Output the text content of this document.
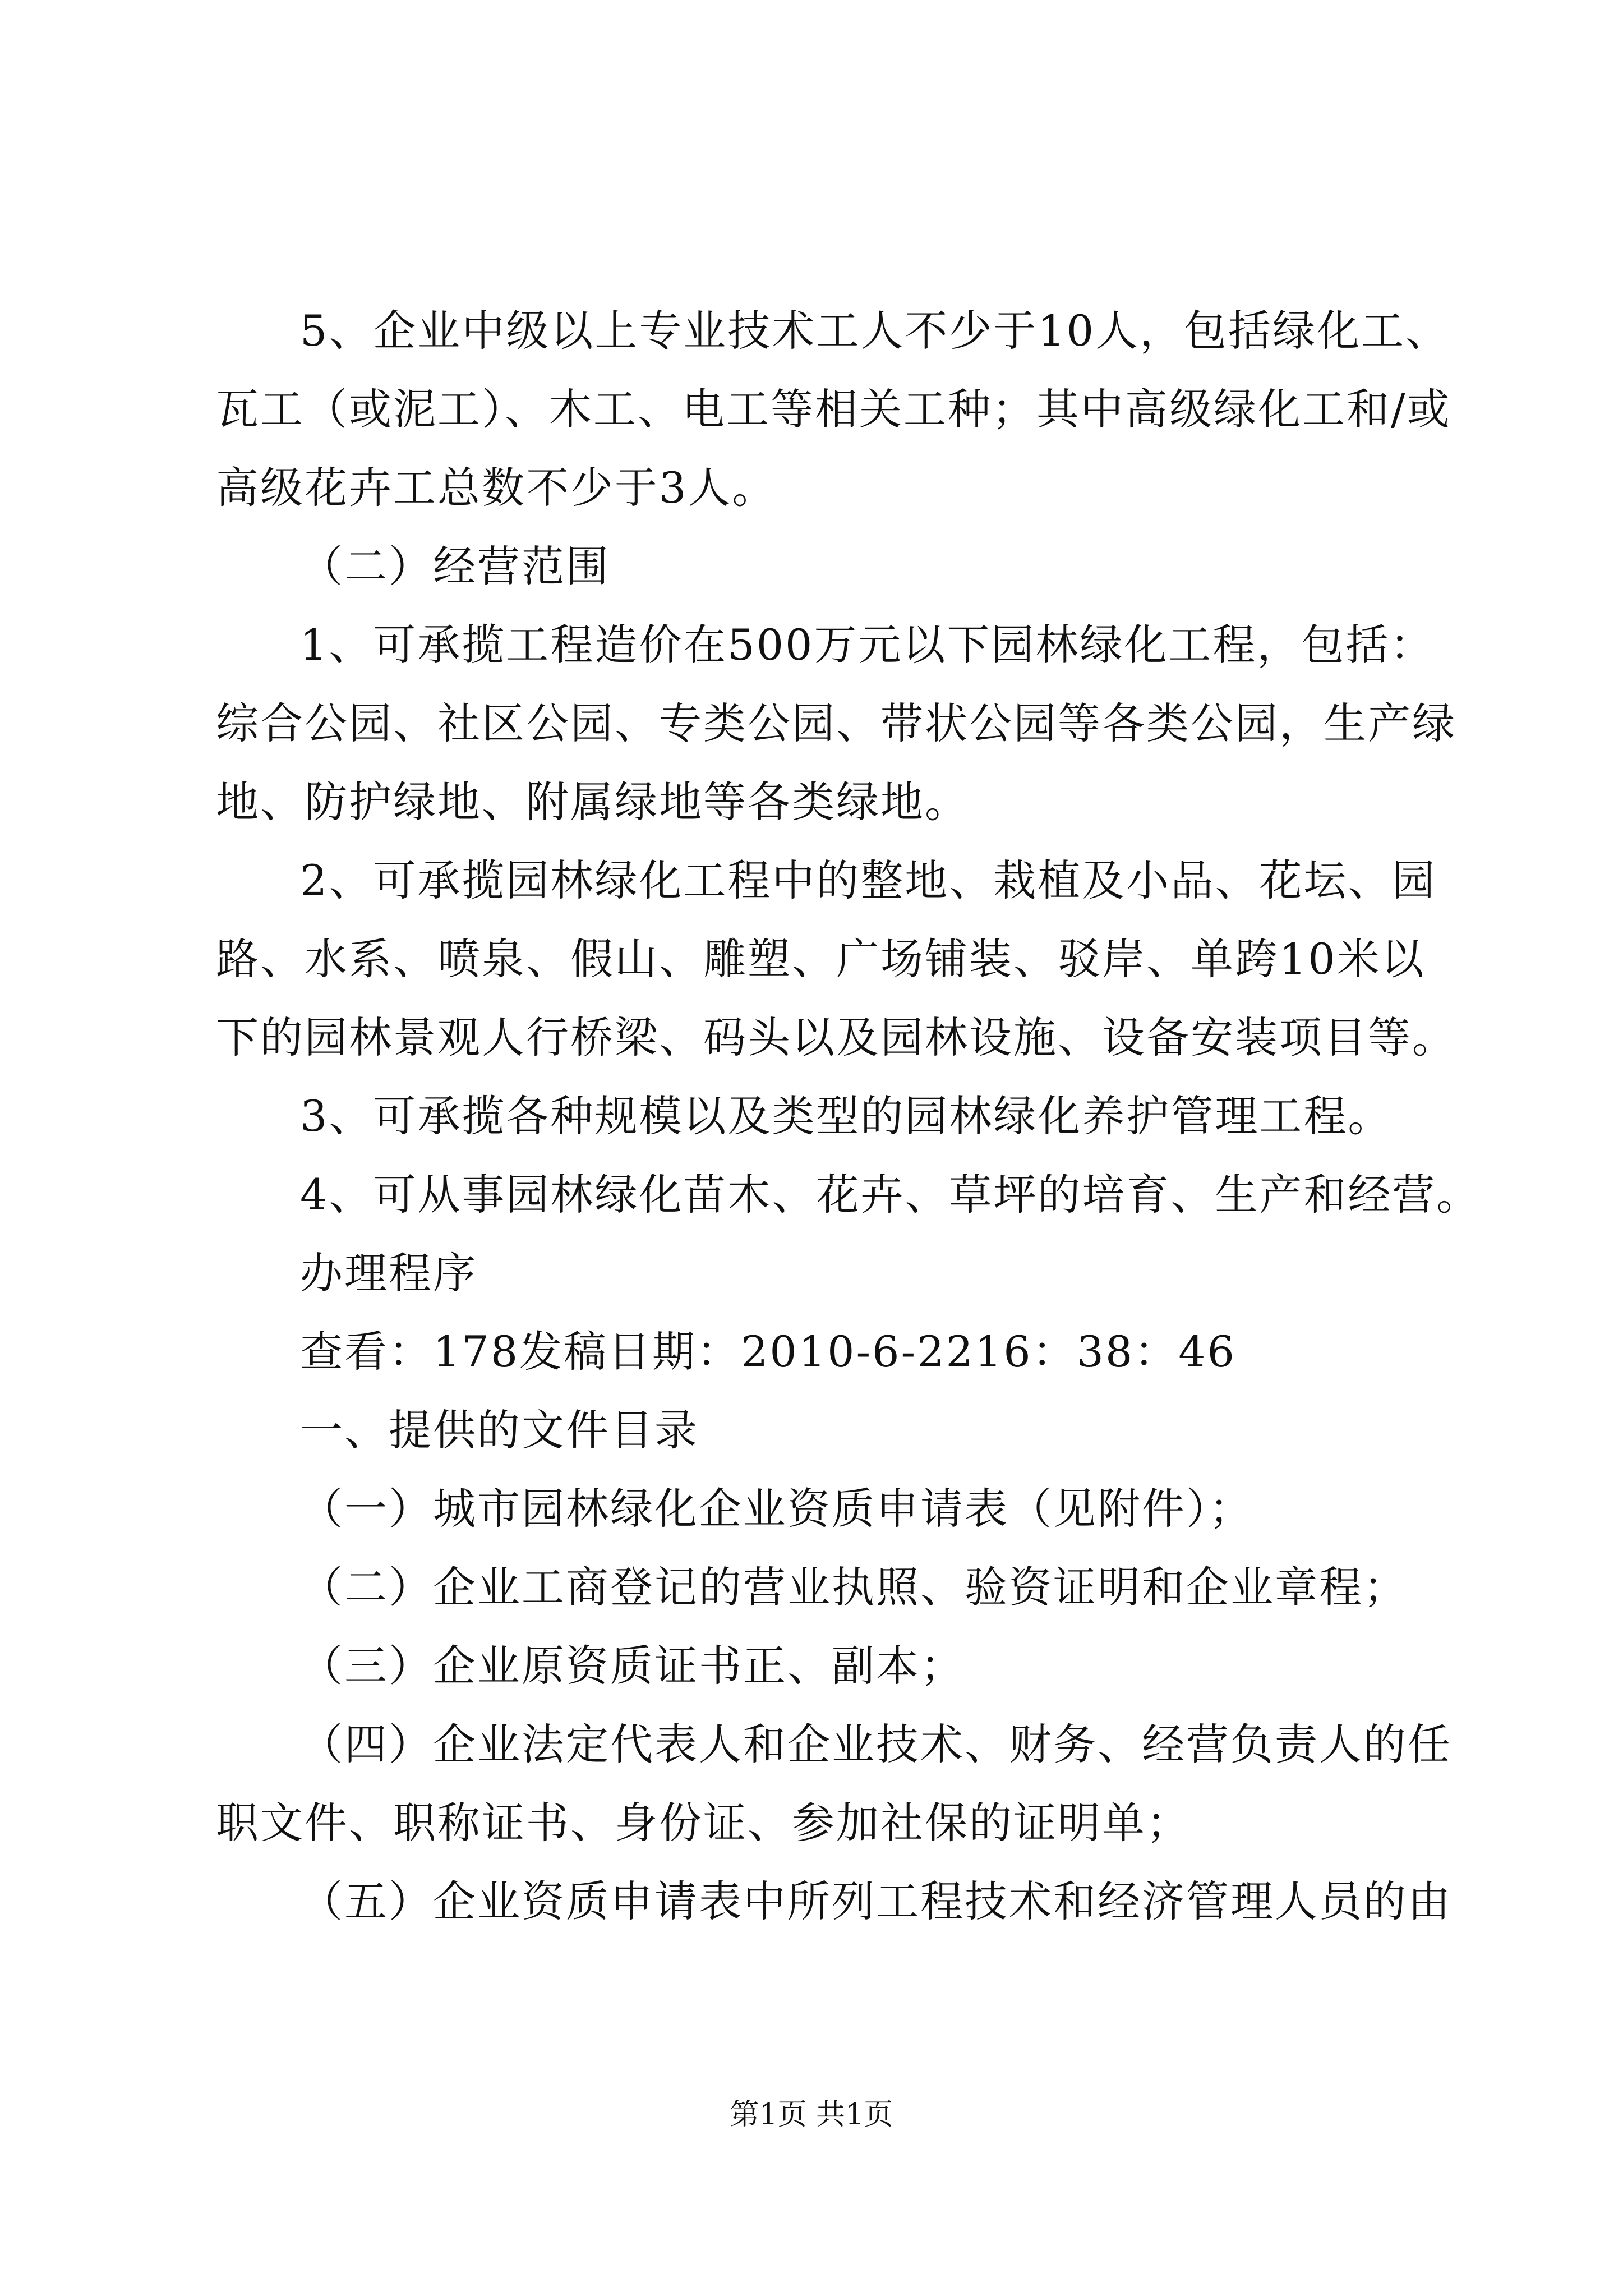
5、企业中级以上专业技术工人不少于10人，包括绿化工、
瓦工（或泥工）、木工、电工等相关工种；其中高级绿化工和/或
高级花卉工总数不少于3人。
（二）经营范围
1、可承揽工程造价在500万元以下园林绿化工程，包括：
综合公园、社区公园、专类公园、带状公园等各类公园，生产绿
地、防护绿地、附属绿地等各类绿地。
2、可承揽园林绿化工程中的整地、栽植及小品、花坛、园
路、水系、喷泉、假山、雕塑、广场铺装、驳岸、单跨10米以
下的园林景观人行桥梁、码头以及园林设施、设备安装项目等。
3、可承揽各种规模以及类型的园林绿化养护管理工程。
4、可从事园林绿化苗木、花卉、草坪的培育、生产和经营。
办理程序
查看：178发稿日期：2010-6-2216：38：46
一、提供的文件目录
（一）城市园林绿化企业资质申请表（见附件）；
（二）企业工商登记的营业执照、验资证明和企业章程；
（三）企业原资质证书正、副本；
（四）企业法定代表人和企业技术、财务、经营负责人的任
职文件、职称证书、身份证、参加社保的证明单；
（五）企业资质申请表中所列工程技术和经济管理人员的由
第1页 共1页
